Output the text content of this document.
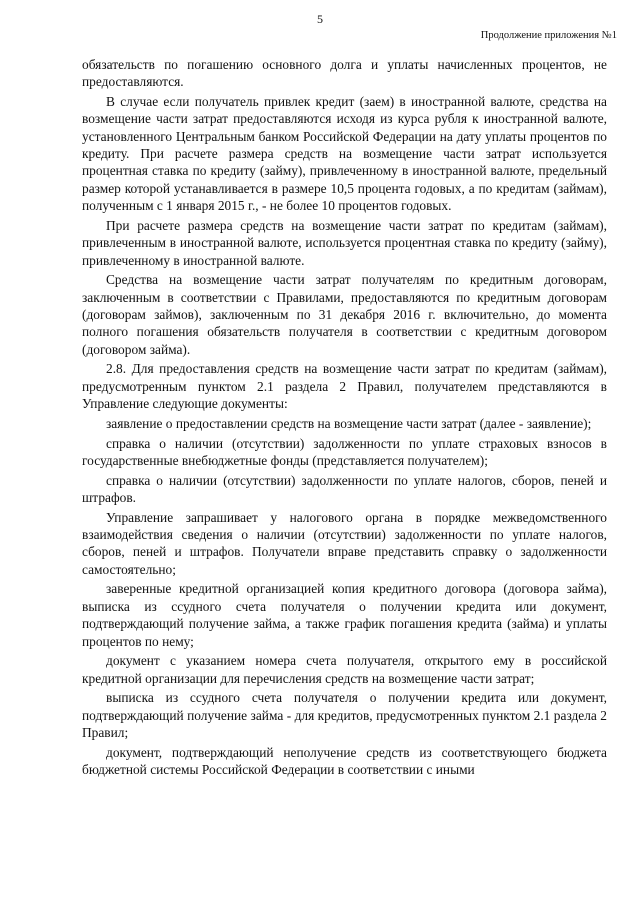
5
Продолжение приложения №1

обязательств по погашению основного долга и уплаты начисленных процентов, не предоставляются.

В случае если получатель привлек кредит (заем) в иностранной валюте, средства на возмещение части затрат предоставляются исходя из курса рубля к иностранной валюте, установленного Центральным банком Российской Федерации на дату уплаты процентов по кредиту. При расчете размера средств на возмещение части затрат используется процентная ставка по кредиту (займу), привлеченному в иностранной валюте, предельный размер которой устанавливается в размере 10,5 процента годовых, а по кредитам (займам), полученным с 1 января 2015 г., - не более 10 процентов годовых.

При расчете размера средств на возмещение части затрат по кредитам (займам), привлеченным в иностранной валюте, используется процентная ставка по кредиту (займу), привлеченному в иностранной валюте.

Средства на возмещение части затрат получателям по кредитным договорам, заключенным в соответствии с Правилами, предоставляются по кредитным договорам (договорам займов), заключенным по 31 декабря 2016 г. включительно, до момента полного погашения обязательств получателя в соответствии с кредитным договором (договором займа).

2.8. Для предоставления средств на возмещение части затрат по кредитам (займам), предусмотренным пунктом 2.1 раздела 2 Правил, получателем представляются в Управление следующие документы:

заявление о предоставлении средств на возмещение части затрат (далее - заявление);

справка о наличии (отсутствии) задолженности по уплате страховых взносов в государственные внебюджетные фонды (представляется получателем);

справка о наличии (отсутствии) задолженности по уплате налогов, сборов, пеней и штрафов.

Управление запрашивает у налогового органа в порядке межведомственного взаимодействия сведения о наличии (отсутствии) задолженности по уплате налогов, сборов, пеней и штрафов. Получатели вправе представить справку о задолженности самостоятельно;

заверенные кредитной организацией копия кредитного договора (договора займа), выписка из ссудного счета получателя о получении кредита или документ, подтверждающий получение займа, а также график погашения кредита (займа) и уплаты процентов по нему;

документ с указанием номера счета получателя, открытого ему в российской кредитной организации для перечисления средств на возмещение части затрат;

выписка из ссудного счета получателя о получении кредита или документ, подтверждающий получение займа - для кредитов, предусмотренных пунктом 2.1 раздела 2 Правил;

документ, подтверждающий неполучение средств из соответствующего бюджета бюджетной системы Российской Федерации в соответствии с иными
